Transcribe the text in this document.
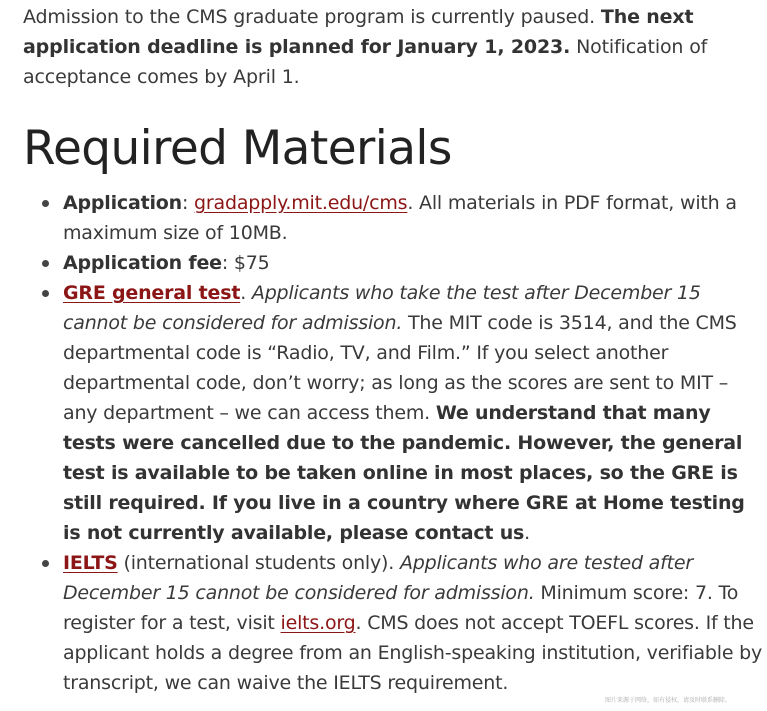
Admission to the CMS graduate program is currently paused. The next application deadline is planned for January 1, 2023. Notification of acceptance comes by April 1.

Required Materials
Application: gradapply.mit.edu/cms. All materials in PDF format, with a maximum size of 10MB.
Application fee: $75
GRE general test. Applicants who take the test after December 15 cannot be considered for admission. The MIT code is 3514, and the CMS departmental code is “Radio, TV, and Film.” If you select another departmental code, don’t worry; as long as the scores are sent to MIT – any department – we can access them. We understand that many tests were cancelled due to the pandemic. However, the general test is available to be taken online in most places, so the GRE is still required. If you live in a country where GRE at Home testing is not currently available, please contact us.
IELTS (international students only). Applicants who are tested after December 15 cannot be considered for admission. Minimum score: 7. To register for a test, visit ielts.org. CMS does not accept TOEFL scores. If the applicant holds a degree from an English-speaking institution, verifiable by transcript, we can waive the IELTS requirement.
图片来源于网络，如有侵权，请及时联系删除。
